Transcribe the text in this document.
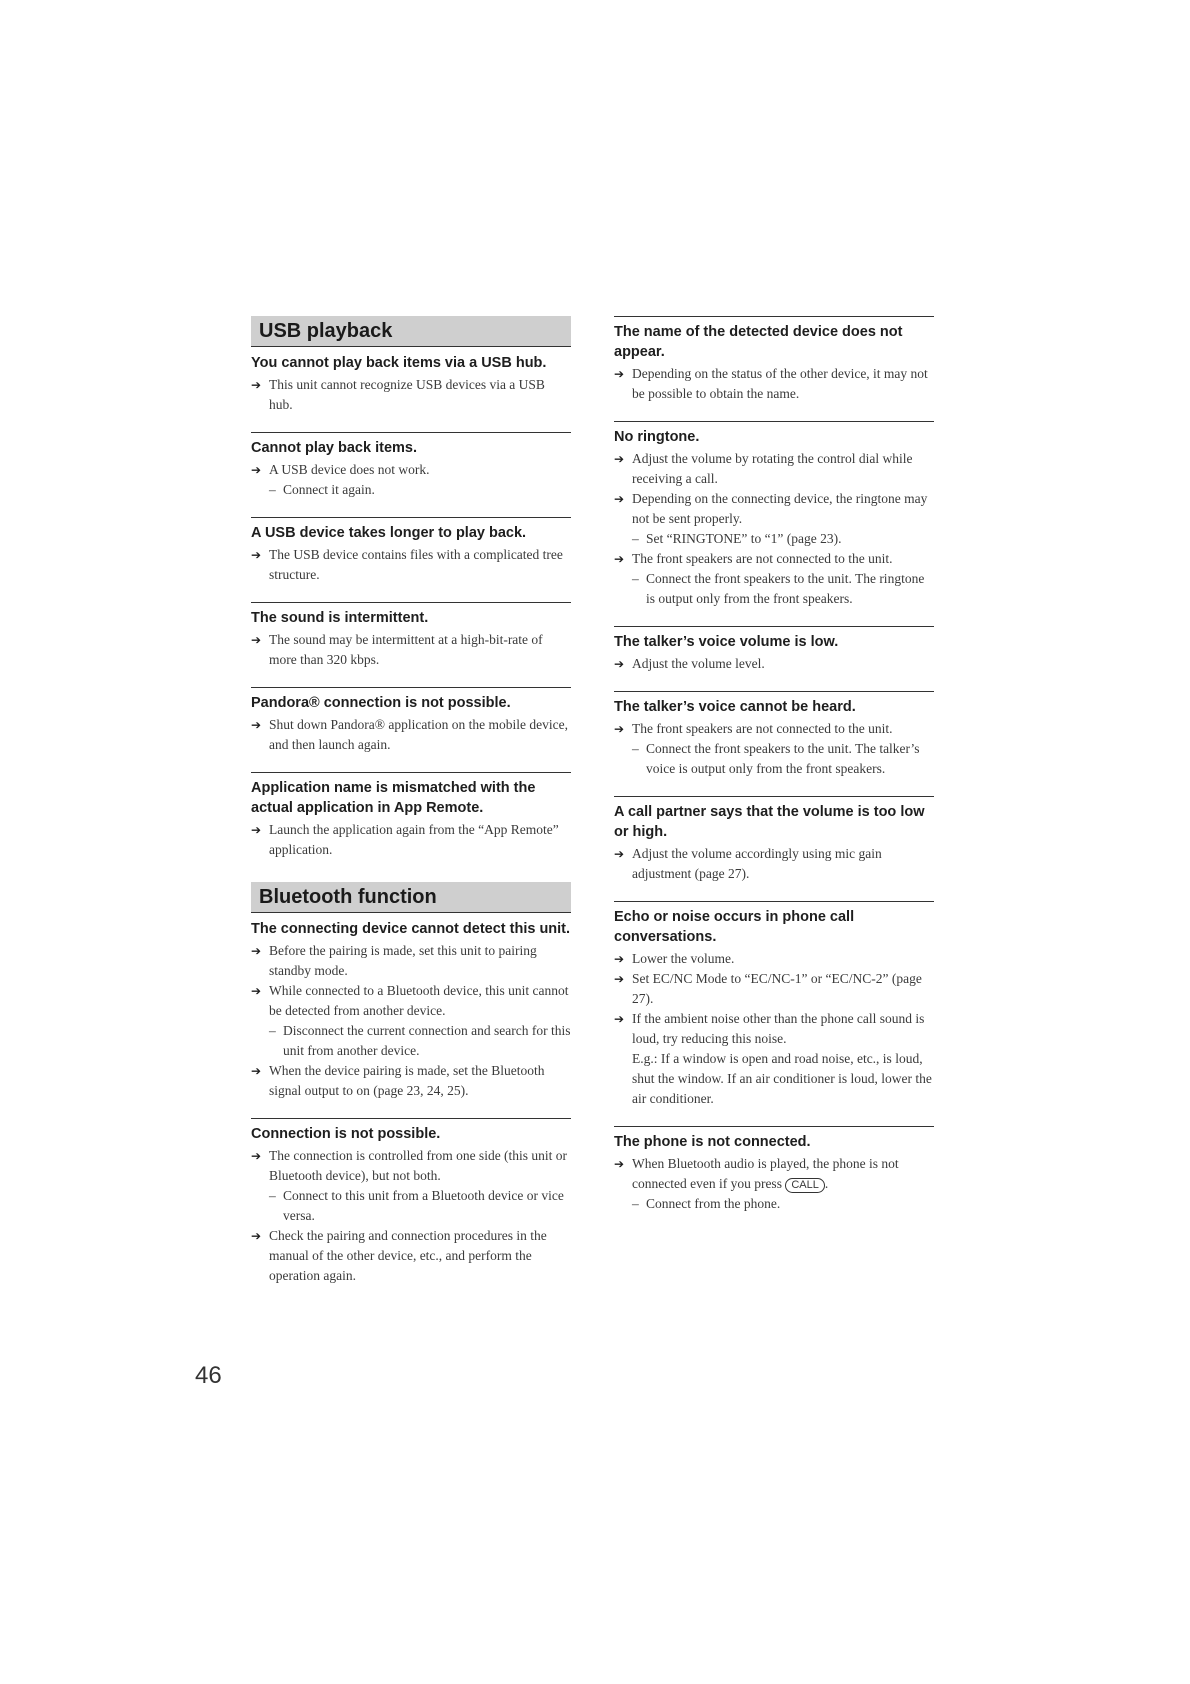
USB playback
You cannot play back items via a USB hub.
➔ This unit cannot recognize USB devices via a USB hub.
Cannot play back items.
➔ A USB device does not work.
– Connect it again.
A USB device takes longer to play back.
➔ The USB device contains files with a complicated tree structure.
The sound is intermittent.
➔ The sound may be intermittent at a high-bit-rate of more than 320 kbps.
Pandora® connection is not possible.
➔ Shut down Pandora® application on the mobile device, and then launch again.
Application name is mismatched with the actual application in App Remote.
➔ Launch the application again from the “App Remote” application.
Bluetooth function
The connecting device cannot detect this unit.
➔ Before the pairing is made, set this unit to pairing standby mode.
➔ While connected to a Bluetooth device, this unit cannot be detected from another device.
– Disconnect the current connection and search for this unit from another device.
➔ When the device pairing is made, set the Bluetooth signal output to on (page 23, 24, 25).
Connection is not possible.
➔ The connection is controlled from one side (this unit or Bluetooth device), but not both.
– Connect to this unit from a Bluetooth device or vice versa.
➔ Check the pairing and connection procedures in the manual of the other device, etc., and perform the operation again.
The name of the detected device does not appear.
➔ Depending on the status of the other device, it may not be possible to obtain the name.
No ringtone.
➔ Adjust the volume by rotating the control dial while receiving a call.
➔ Depending on the connecting device, the ringtone may not be sent properly.
– Set “RINGTONE” to “1” (page 23).
➔ The front speakers are not connected to the unit.
– Connect the front speakers to the unit. The ringtone is output only from the front speakers.
The talker’s voice volume is low.
➔ Adjust the volume level.
The talker’s voice cannot be heard.
➔ The front speakers are not connected to the unit.
– Connect the front speakers to the unit. The talker’s voice is output only from the front speakers.
A call partner says that the volume is too low or high.
➔ Adjust the volume accordingly using mic gain adjustment (page 27).
Echo or noise occurs in phone call conversations.
➔ Lower the volume.
➔ Set EC/NC Mode to “EC/NC-1” or “EC/NC-2” (page 27).
➔ If the ambient noise other than the phone call sound is loud, try reducing this noise.
E.g.: If a window is open and road noise, etc., is loud, shut the window. If an air conditioner is loud, lower the air conditioner.
The phone is not connected.
➔ When Bluetooth audio is played, the phone is not connected even if you press CALL .
– Connect from the phone.
46
